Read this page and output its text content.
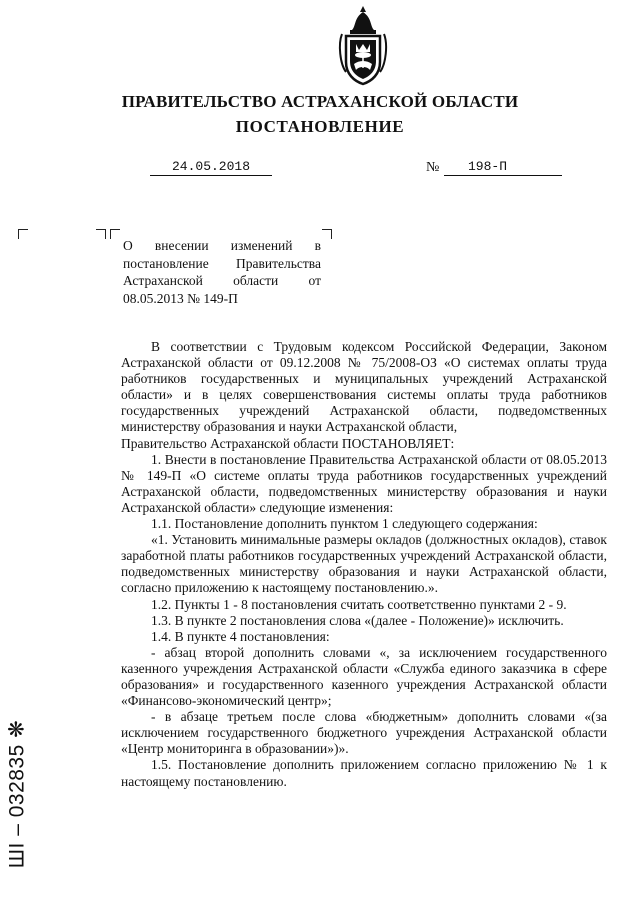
ПРАВИТЕЛЬСТВО АСТРАХАНСКОЙ ОБЛАСТИ
ПОСТАНОВЛЕНИЕ
24.05.2018	№	198-П
О внесении изменений в постановление Правительства Астраханской области от 08.05.2013 № 149-П

В соответствии с Трудовым кодексом Российской Федерации, Законом Астраханской области от 09.12.2008 № 75/2008-ОЗ «О системах оплаты труда работников государственных и муниципальных учреждений Астраханской области» и в целях совершенствования системы оплаты труда работников государственных учреждений Астраханской области, подведомственных министерству образования и науки Астраханской области,

Правительство Астраханской области ПОСТАНОВЛЯЕТ:

1. Внести в постановление Правительства Астраханской области от 08.05.2013 № 149-П «О системе оплаты труда работников государственных учреждений Астраханской области, подведомственных министерству образования и науки Астраханской области» следующие изменения:

1.1. Постановление дополнить пунктом 1 следующего содержания:

«1. Установить минимальные размеры окладов (должностных окладов), ставок заработной платы работников государственных учреждений Астраханской области, подведомственных министерству образования и науки Астраханской области, согласно приложению к настоящему постановлению.».

1.2. Пункты 1 - 8 постановления считать соответственно пунктами 2 - 9.

1.3. В пункте 2 постановления слова «(далее - Положение)» исключить.

1.4. В пункте 4 постановления:

- абзац второй дополнить словами «, за исключением государственного казенного учреждения Астраханской области «Служба единого заказчика в сфере образования» и государственного казенного учреждения Астраханской области «Финансово-экономический центр»;

- в абзаце третьем после слова «бюджетным» дополнить словами «(за исключением государственного бюджетного учреждения Астраханской области «Центр мониторинга в образовании»)».

1.5. Постановление дополнить приложением согласно приложению № 1 к настоящему постановлению.

ШI – 032835 ❋
